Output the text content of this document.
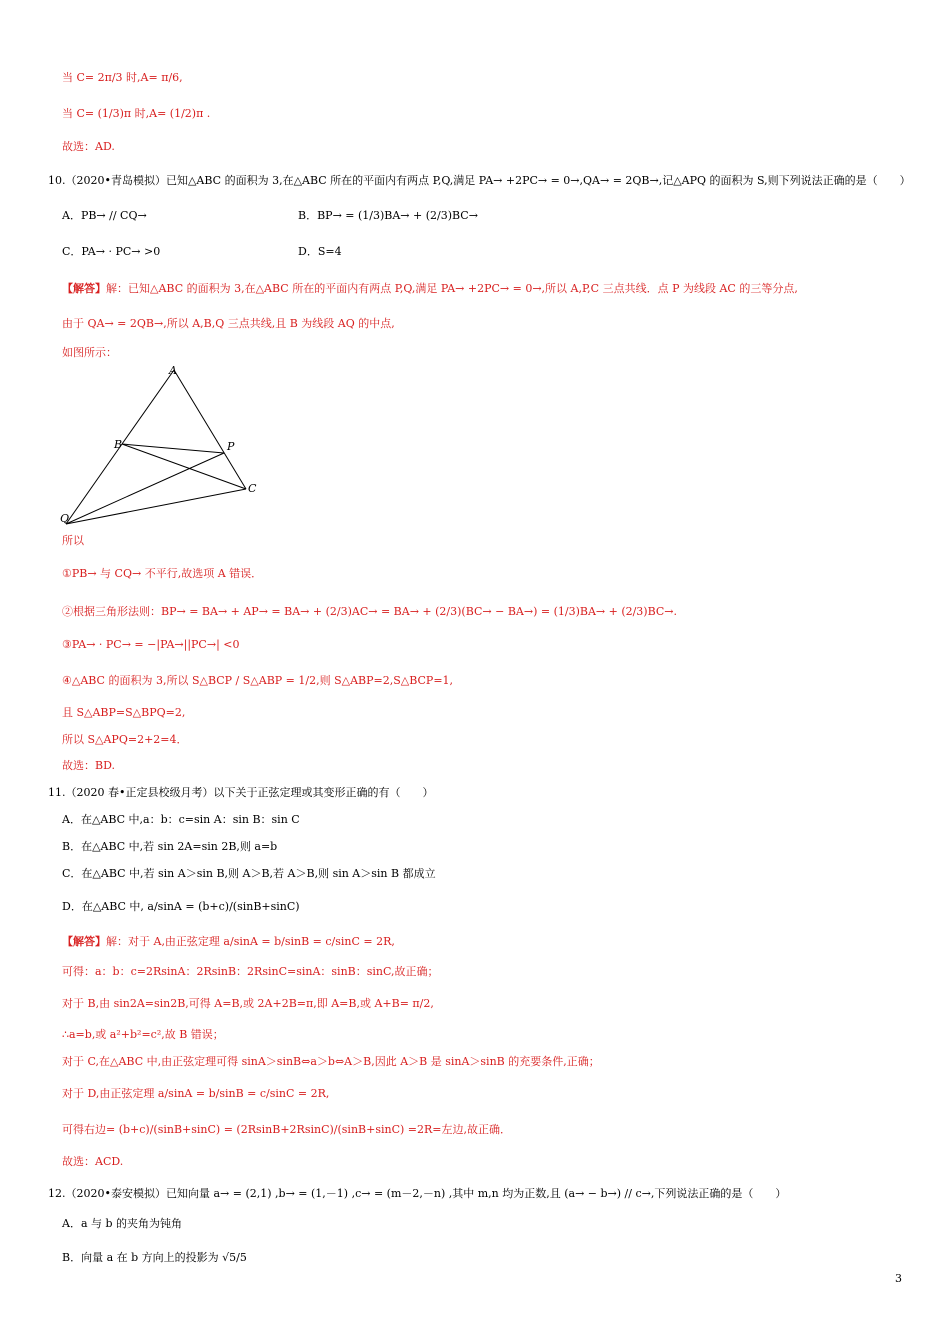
当 C= 2π/3 时,A= π/6,
当 C= (1/3)π 时,A= (1/2)π .
故选：AD.
10.（2020•青岛模拟）已知△ABC 的面积为 3,在△ABC 所在的平面内有两点 P,Q,满足 PA→ +2PC→ = 0→,QA→ = 2QB→,记△APQ 的面积为 S,则下列说法正确的是（　　）
A．PB→ // CQ→	B．BP→ = (1/3)BA→ + (2/3)BC→
C．PA→ · PC→ >0	D．S=4
【解答】解：已知△ABC 的面积为 3,在△ABC 所在的平面内有两点 P,Q,满足 PA→ +2PC→ = 0→,所以 A,P,C 三点共线．点 P 为线段 AC 的三等分点,
由于 QA→ = 2QB→,所以 A,B,Q 三点共线,且 B 为线段 AQ 的中点,
如图所示：
A
B	P
C
Q
所以
①PB→ 与 CQ→ 不平行,故选项 A 错误．
②根据三角形法则：BP→ = BA→ + AP→ = BA→ + (2/3)AC→ = BA→ + (2/3)(BC→ − BA→) = (1/3)BA→ + (2/3)BC→.
③PA→ · PC→ = −|PA→||PC→| <0
④△ABC 的面积为 3,所以 S△BCP / S△ABP = 1/2,则 S△ABP=2,S△BCP=1,
且 S△ABP=S△BPQ=2,
所以 S△APQ=2+2=4．
故选：BD.
11.（2020 春•正定县校级月考）以下关于正弦定理或其变形正确的有（　　）
A．在△ABC 中,a：b：c=sin A：sin B：sin C
B．在△ABC 中,若 sin 2A=sin 2B,则 a=b
C．在△ABC 中,若 sin A＞sin B,则 A＞B,若 A＞B,则 sin A＞sin B 都成立
D．在△ABC 中, a/sinA = (b+c)/(sinB+sinC)
【解答】解：对于 A,由正弦定理 a/sinA = b/sinB = c/sinC = 2R,
可得：a：b：c=2RsinA：2RsinB：2RsinC=sinA：sinB：sinC,故正确；
对于 B,由 sin2A=sin2B,可得 A=B,或 2A+2B=π,即 A=B,或 A+B= π/2,
∴a=b,或 a²+b²=c²,故 B 错误；
对于 C,在△ABC 中,由正弦定理可得 sinA＞sinB⇔a＞b⇔A＞B,因此 A＞B 是 sinA＞sinB 的充要条件,正确；
对于 D,由正弦定理 a/sinA = b/sinB = c/sinC = 2R,
可得右边= (b+c)/(sinB+sinC) = (2RsinB+2RsinC)/(sinB+sinC) =2R=左边,故正确．
故选：ACD.
12.（2020•泰安模拟）已知向量 a→ = (2,1) ,b→ = (1,－1) ,c→ = (m－2,－n) ,其中 m,n 均为正数,且 (a→ − b→) // c→,下列说法正确的是（　　）
A．a 与 b 的夹角为钝角
B．向量 a 在 b 方向上的投影为 √5/5
3
